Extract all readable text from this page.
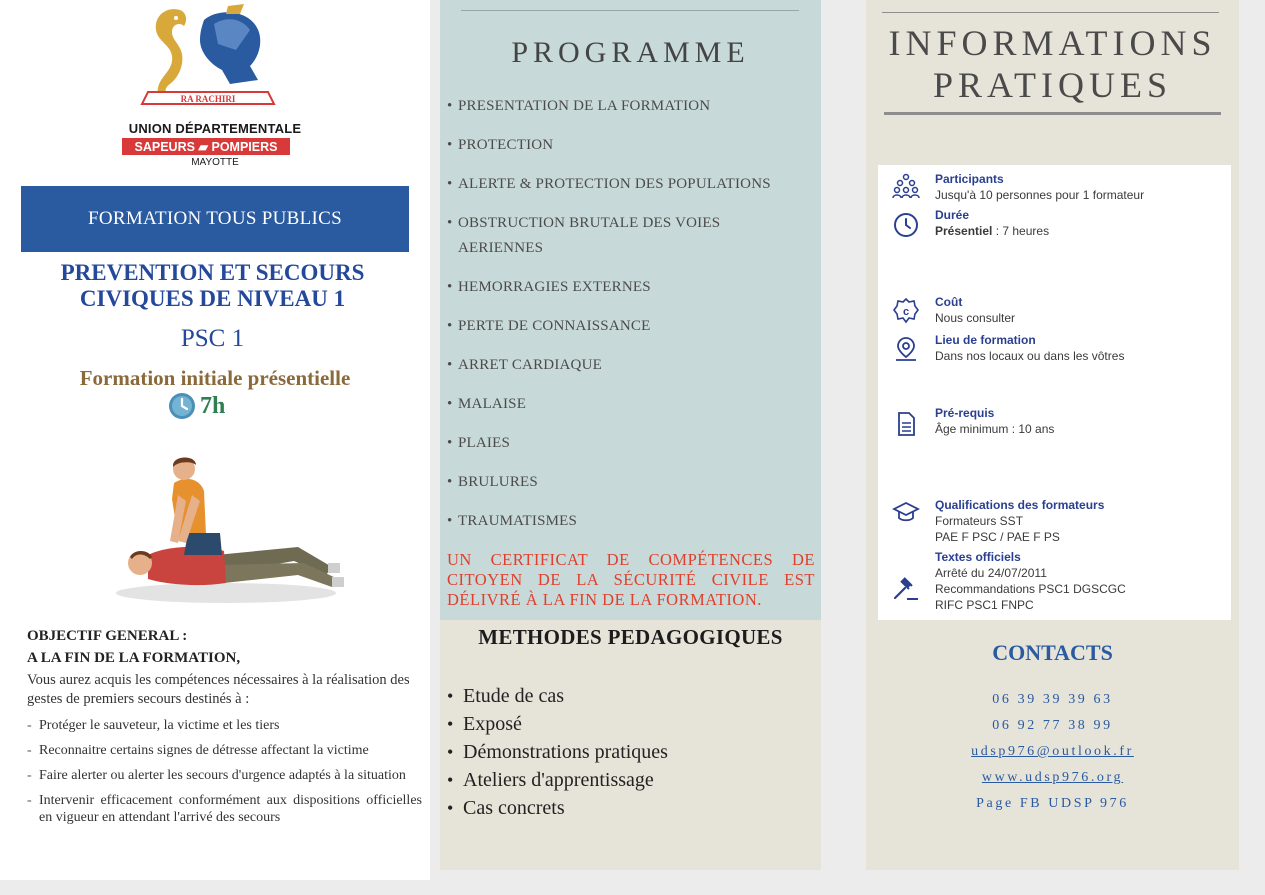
RA RACHIRI
UNION DÉPARTEMENTALE
SAPEURS ▰ POMPIERS
MAYOTTE
FORMATION TOUS PUBLICS
PREVENTION ET SECOURS
CIVIQUES DE NIVEAU 1
PSC 1
Formation initiale présentielle
7h
OBJECTIF GENERAL :
A LA FIN DE LA FORMATION,
Vous aurez acquis les compétences nécessaires à la réalisation des gestes de premiers secours destinés à :
- Protéger le sauveteur, la victime et les tiers
- Reconnaitre certains signes de détresse affectant la victime
- Faire alerter ou alerter les secours d'urgence adaptés à la situation
- Intervenir efficacement conformément aux dispositions officielles en vigueur en attendant l'arrivé des secours
PROGRAMME
• PRESENTATION DE LA FORMATION
• PROTECTION
• ALERTE & PROTECTION DES POPULATIONS
• OBSTRUCTION BRUTALE DES VOIES AERIENNES
• HEMORRAGIES EXTERNES
• PERTE DE CONNAISSANCE
• ARRET CARDIAQUE
• MALAISE
• PLAIES
• BRULURES
• TRAUMATISMES
UN CERTIFICAT DE COMPÉTENCES DE CITOYEN DE LA SÉCURITÉ CIVILE EST DÉLIVRÉ À LA FIN DE LA FORMATION.
METHODES PEDAGOGIQUES
• Etude de cas
• Exposé
• Démonstrations pratiques
• Ateliers d'apprentissage
• Cas concrets
INFORMATIONS
PRATIQUES
Participants
Jusqu'à 10 personnes pour 1 formateur
Durée
Présentiel : 7 heures
c
Coût
Nous consulter
Lieu de formation
Dans nos locaux ou dans les vôtres
Pré-requis
Âge minimum : 10 ans
Qualifications des formateurs
Formateurs SST
PAE F PSC / PAE F PS
Textes officiels
Arrêté du 24/07/2011
Recommandations PSC1 DGSCGC
RIFC PSC1 FNPC
CONTACTS
06 39 39 39 63
06 92 77 38 99
udsp976@outlook.fr
www.udsp976.org
Page FB UDSP 976
